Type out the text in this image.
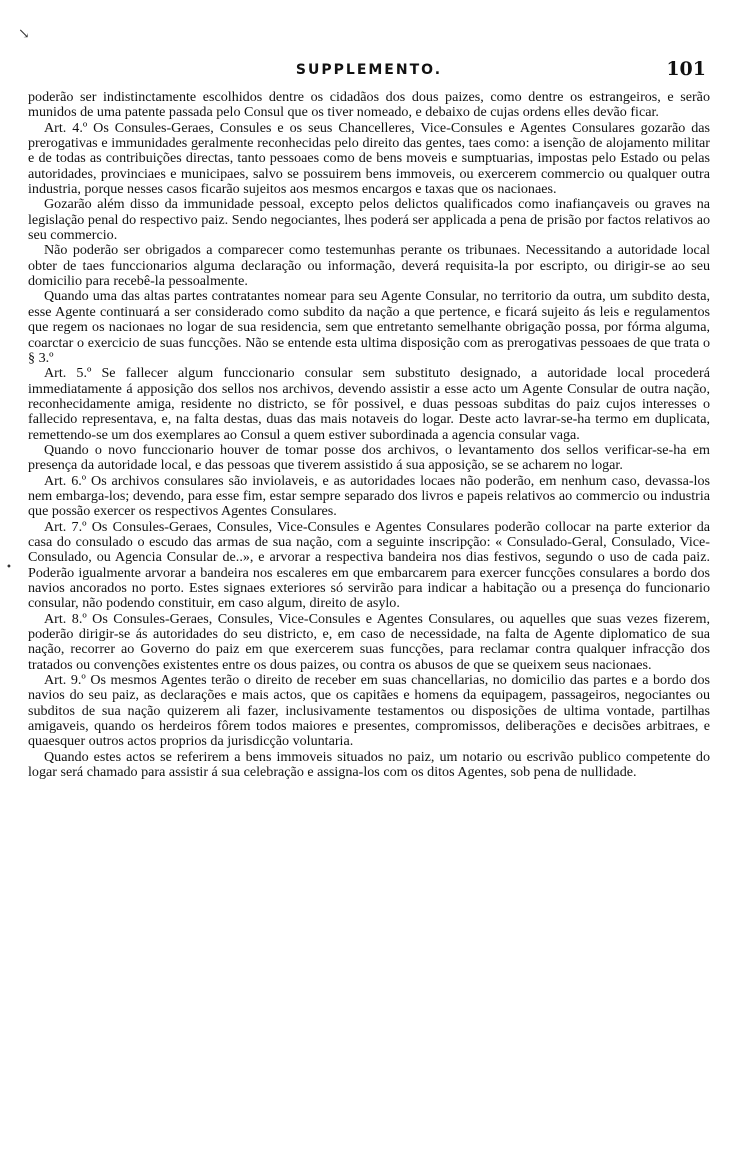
↘
•
SUPPLEMENTO.	101

poderão ser indistinctamente escolhidos dentre os cidadãos dos dous paizes, como dentre os estrangeiros, e serão munidos de uma patente passada pelo Consul que os tiver nomeado, e debaixo de cujas ordens elles devão ficar.

Art. 4.º Os Consules-Geraes, Consules e os seus Chancelleres, Vice-Consules e Agentes Consulares gozarão das prerogativas e immunidades geralmente reconhecidas pelo direito das gentes, taes como: a isenção de alojamento militar e de todas as contribuições directas, tanto pessoaes como de bens moveis e sumptuarias, impostas pelo Estado ou pelas autoridades, provinciaes e municipaes, salvo se possuirem bens immoveis, ou exercerem commercio ou qualquer outra industria, porque nesses casos ficarão sujeitos aos mesmos encargos e taxas que os nacionaes.

Gozarão além disso da immunidade pessoal, excepto pelos delictos qualificados como inafiançaveis ou graves na legislação penal do respectivo paiz. Sendo negociantes, lhes poderá ser applicada a pena de prisão por factos relativos ao seu commercio.

Não poderão ser obrigados a comparecer como testemunhas perante os tribunaes. Necessitando a autoridade local obter de taes funccionarios alguma declaração ou informação, deverá requisita-la por escripto, ou dirigir-se ao seu domicilio para recebê-la pessoalmente.

Quando uma das altas partes contratantes nomear para seu Agente Consular, no territorio da outra, um subdito desta, esse Agente continuará a ser considerado como subdito da nação a que pertence, e ficará sujeito ás leis e regulamentos que regem os nacionaes no logar de sua residencia, sem que entretanto semelhante obrigação possa, por fórma alguma, coarctar o exercicio de suas funcções. Não se entende esta ultima disposição com as prerogativas pessoaes de que trata o § 3.º

Art. 5.º Se fallecer algum funccionario consular sem substituto designado, a autoridade local procederá immediatamente á apposição dos sellos nos archivos, devendo assistir a esse acto um Agente Consular de outra nação, reconhecidamente amiga, residente no districto, se fôr possivel, e duas pessoas subditas do paiz cujos interesses o fallecido representava, e, na falta destas, duas das mais notaveis do logar. Deste acto lavrar-se-ha termo em duplicata, remettendo-se um dos exemplares ao Consul a quem estiver subordinada a agencia consular vaga.

Quando o novo funccionario houver de tomar posse dos archivos, o levantamento dos sellos verificar-se-ha em presença da autoridade local, e das pessoas que tiverem assistido á sua apposição, se se acharem no logar.

Art. 6.º Os archivos consulares são inviolaveis, e as autoridades locaes não poderão, em nenhum caso, devassa-los nem embarga-los; devendo, para esse fim, estar sempre separado dos livros e papeis relativos ao commercio ou industria que possão exercer os respectivos Agentes Consulares.

Art. 7.º Os Consules-Geraes, Consules, Vice-Consules e Agentes Consulares poderão collocar na parte exterior da casa do consulado o escudo das armas de sua nação, com a seguinte inscripção: « Consulado-Geral, Consulado, Vice-Consulado, ou Agencia Consular de..», e arvorar a respectiva bandeira nos dias festivos, segundo o uso de cada paiz. Poderão igualmente arvorar a bandeira nos escaleres em que embarcarem para exercer funcções consulares a bordo dos navios ancorados no porto. Estes signaes exteriores só servirão para indicar a habitação ou a presença do funcionario consular, não podendo constituir, em caso algum, direito de asylo.

Art. 8.º Os Consules-Geraes, Consules, Vice-Consules e Agentes Consulares, ou aquelles que suas vezes fizerem, poderão dirigir-se ás autoridades do seu districto, e, em caso de necessidade, na falta de Agente diplomatico de sua nação, recorrer ao Governo do paiz em que exercerem suas funcções, para reclamar contra qualquer infracção dos tratados ou convenções existentes entre os dous paizes, ou contra os abusos de que se queixem seus nacionaes.

Art. 9.º Os mesmos Agentes terão o direito de receber em suas chancellarias, no domicilio das partes e a bordo dos navios do seu paiz, as declarações e mais actos, que os capitães e homens da equipagem, passageiros, negociantes ou subditos de sua nação quizerem ali fazer, inclusivamente testamentos ou disposições de ultima vontade, partilhas amigaveis, quando os herdeiros fôrem todos maiores e presentes, compromissos, deliberações e decisões arbitraes, e quaesquer outros actos proprios da jurisdicção voluntaria.

Quando estes actos se referirem a bens immoveis situados no paiz, um notario ou escrivão publico competente do logar será chamado para assistir á sua celebração e assigna-los com os ditos Agentes, sob pena de nullidade.
